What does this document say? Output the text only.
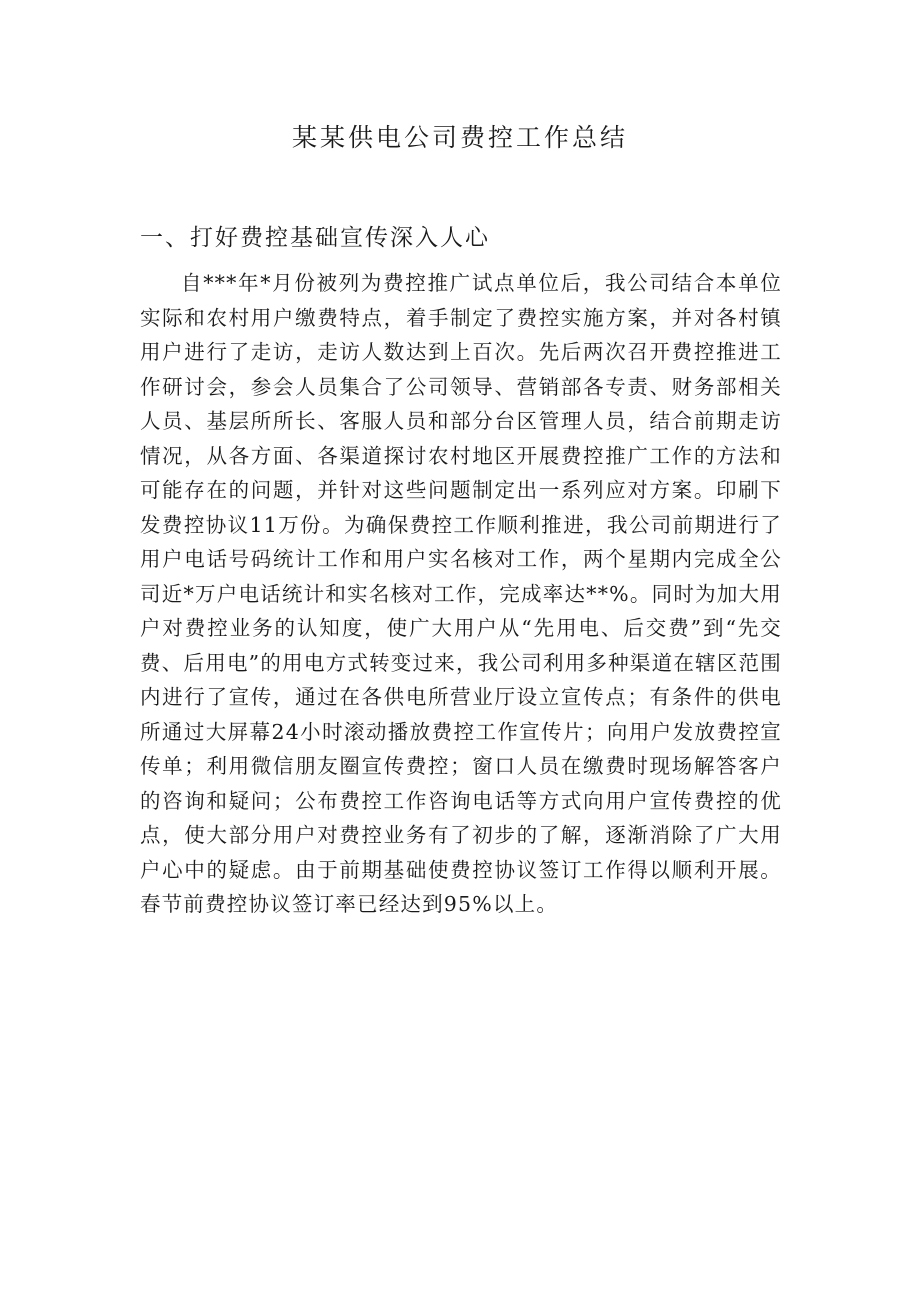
某某供电公司费控工作总结
一、打好费控基础宣传深入人心

自***年*月份被列为费控推广试点单位后，我公司结合本单位实际和农村用户缴费特点，着手制定了费控实施方案，并对各村镇用户进行了走访，走访人数达到上百次。先后两次召开费控推进工作研讨会，参会人员集合了公司领导、营销部各专责、财务部相关人员、基层所所长、客服人员和部分台区管理人员，结合前期走访情况，从各方面、各渠道探讨农村地区开展费控推广工作的方法和可能存在的问题，并针对这些问题制定出一系列应对方案。印刷下发费控协议11万份。为确保费控工作顺利推进，我公司前期进行了用户电话号码统计工作和用户实名核对工作，两个星期内完成全公司近*万户电话统计和实名核对工作，完成率达**%。同时为加大用户对费控业务的认知度，使广大用户从“先用电、后交费”到“先交费、后用电”的用电方式转变过来，我公司利用多种渠道在辖区范围内进行了宣传，通过在各供电所营业厅设立宣传点；有条件的供电所通过大屏幕24小时滚动播放费控工作宣传片；向用户发放费控宣传单；利用微信朋友圈宣传费控；窗口人员在缴费时现场解答客户的咨询和疑问；公布费控工作咨询电话等方式向用户宣传费控的优点，使大部分用户对费控业务有了初步的了解，逐渐消除了广大用户心中的疑虑。由于前期基础使费控协议签订工作得以顺利开展。春节前费控协议签订率已经达到95%以上。
